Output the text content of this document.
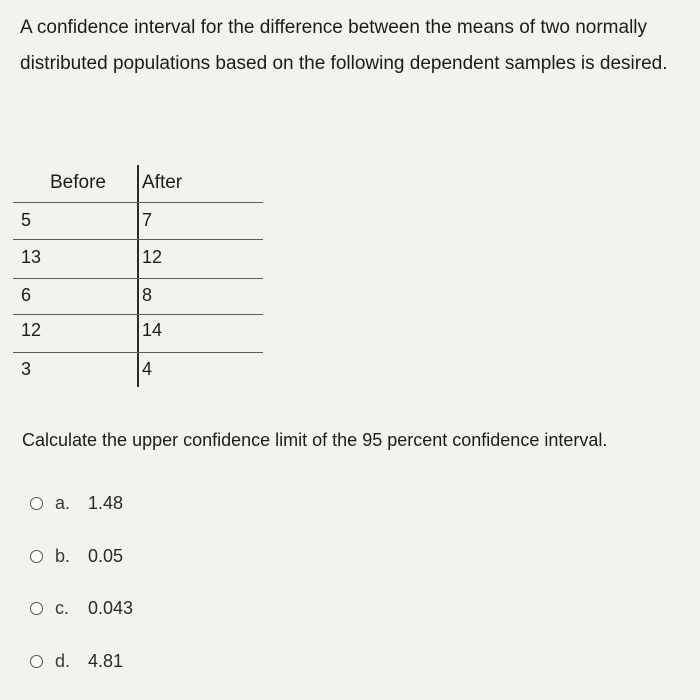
A confidence interval for the difference between the means of two normally distributed populations based on the following dependent samples is desired.
Before After
5	7
13	12
6	8
12	14
3	4
Calculate the upper confidence limit of the 95 percent confidence interval.
a. 1.48
b. 0.05
c.	0.043
d. 4.81
